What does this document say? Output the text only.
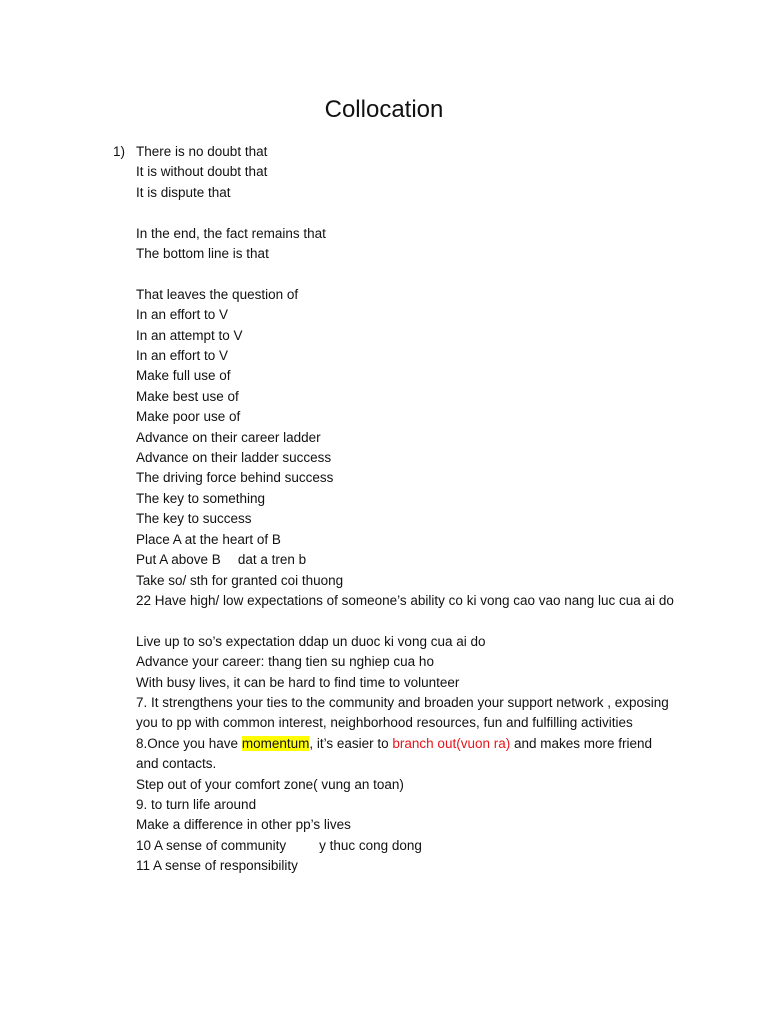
Collocation
1) There is no doubt that
It is without doubt that
It is dispute that
In the end, the fact remains that
The bottom line is that
That leaves the question of
In an effort to V
In an attempt to V
In an effort to V
Make full use of
Make best use of
Make poor use of
Advance on their career ladder
Advance on their ladder success
The driving force behind success
The key to something
The key to success
Place A at the heart of B
Put A above B dat a tren b
Take so/ sth for granted coi thuong
22 Have high/ low expectations of someone’s ability co ki vong cao vao nang luc cua ai do
Live up to so’s expectation ddap un duoc ki vong cua ai do
Advance your career: thang tien su nghiep cua ho
With busy lives, it can be hard to find time to volunteer
7. It strengthens your ties to the community and broaden your support network , exposing you to pp with common interest, neighborhood resources, fun and fulfilling activities
8.Once you have momentum, it’s easier to branch out(vuon ra) and makes more friend and contacts.
Step out of your comfort zone( vung an toan)
9. to turn life around
Make a difference in other pp’s lives
10 A sense of community y thuc cong dong
11 A sense of responsibility
